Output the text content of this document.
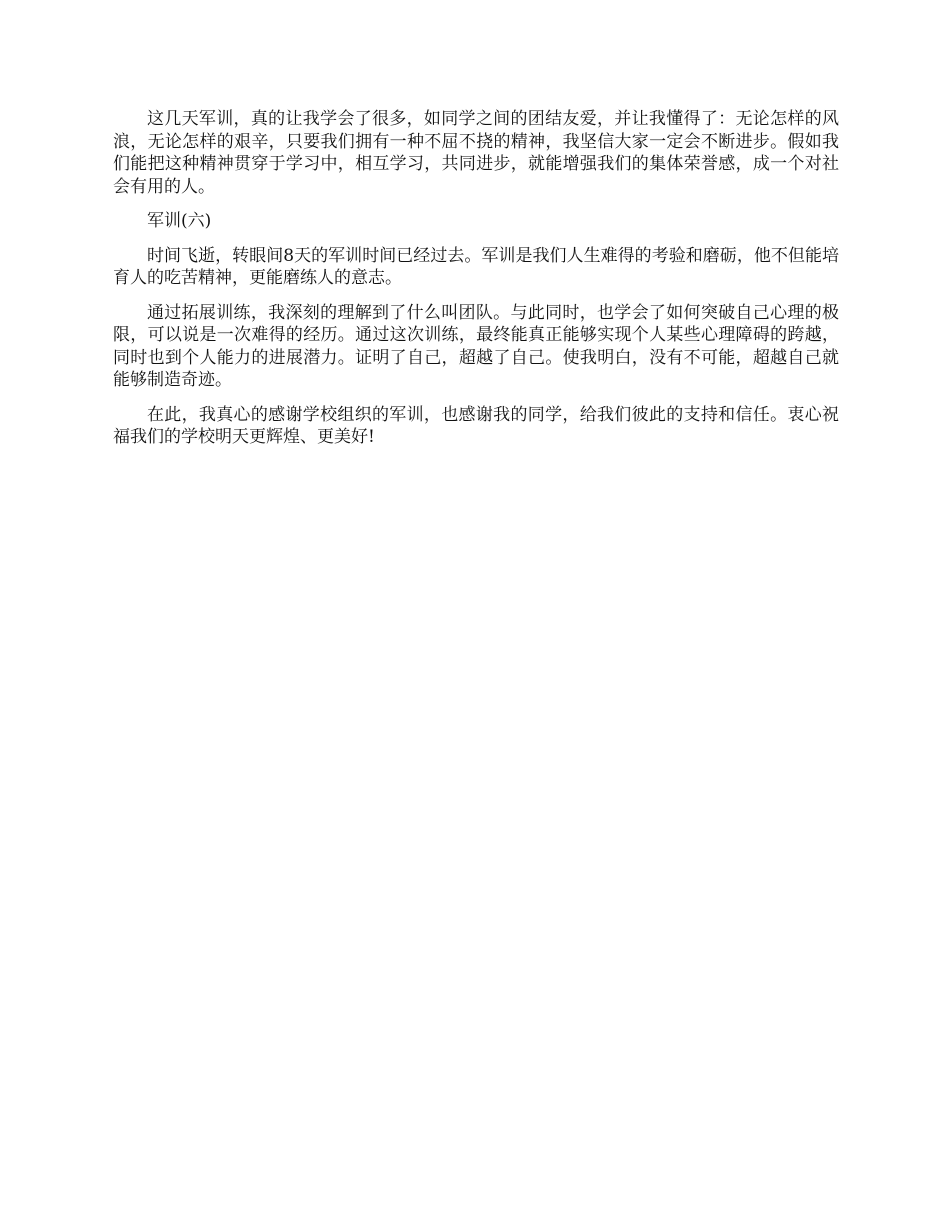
这几天军训，真的让我学会了很多，如同学之间的团结友爱，并让我懂得了：无论怎样的风浪，无论怎样的艰辛，只要我们拥有一种不屈不挠的精神，我坚信大家一定会不断进步。假如我们能把这种精神贯穿于学习中，相互学习，共同进步，就能增强我们的集体荣誉感，成一个对社会有用的人。

军训(六)

时间飞逝，转眼间8天的军训时间已经过去。军训是我们人生难得的考验和磨砺，他不但能培育人的吃苦精神，更能磨练人的意志。

通过拓展训练，我深刻的理解到了什么叫团队。与此同时，也学会了如何突破自己心理的极限，可以说是一次难得的经历。通过这次训练，最终能真正能够实现个人某些心理障碍的跨越，同时也到个人能力的进展潜力。证明了自己，超越了自己。使我明白，没有不可能，超越自己就能够制造奇迹。

在此，我真心的感谢学校组织的军训，也感谢我的同学，给我们彼此的支持和信任。衷心祝福我们的学校明天更辉煌、更美好!
